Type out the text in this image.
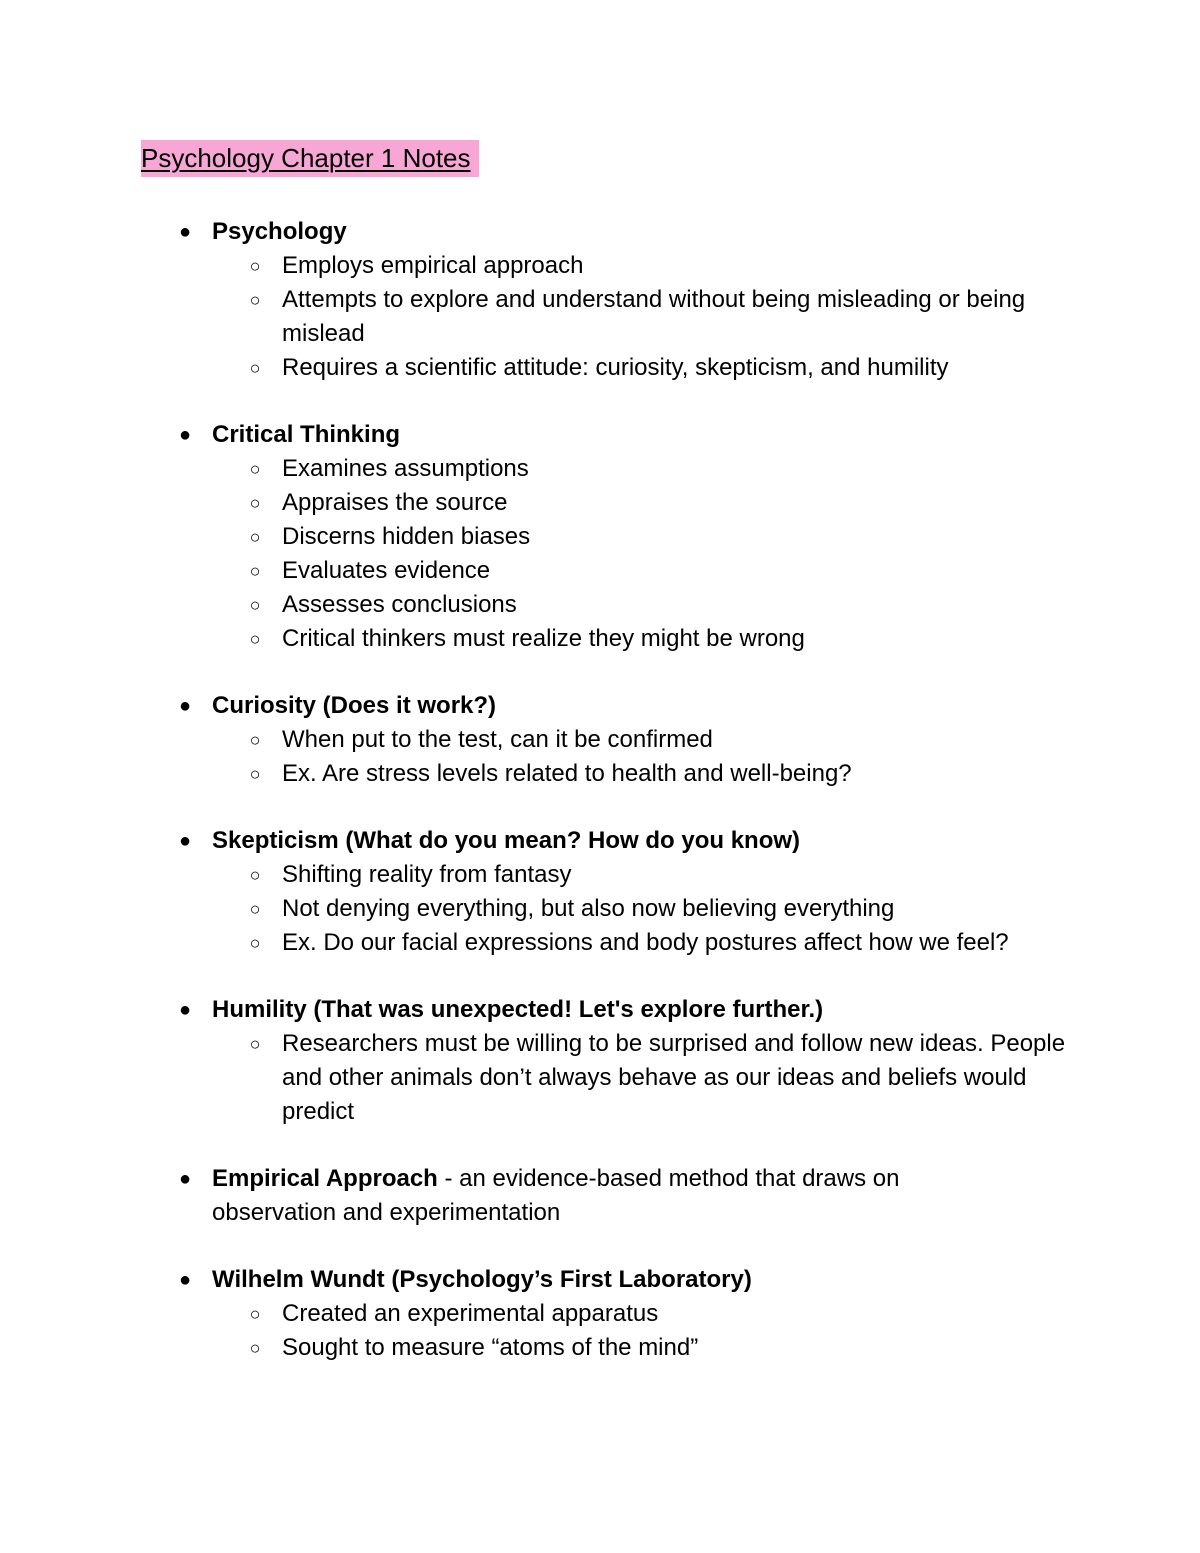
Psychology Chapter 1 Notes
● Psychology
○ Employs empirical approach
○ Attempts to explore and understand without being misleading or being mislead
○ Requires a scientific attitude: curiosity, skepticism, and humility
● Critical Thinking
○ Examines assumptions
○ Appraises the source
○ Discerns hidden biases
○ Evaluates evidence
○ Assesses conclusions
○ Critical thinkers must realize they might be wrong
● Curiosity (Does it work?)
○ When put to the test, can it be confirmed
○ Ex. Are stress levels related to health and well-being?
● Skepticism (What do you mean? How do you know)
○ Shifting reality from fantasy
○ Not denying everything, but also now believing everything
○ Ex. Do our facial expressions and body postures affect how we feel?
● Humility (That was unexpected! Let's explore further.)
○ Researchers must be willing to be surprised and follow new ideas. People and other animals don’t always behave as our ideas and beliefs would predict
● Empirical Approach - an evidence-based method that draws on observation and experimentation
● Wilhelm Wundt (Psychology’s First Laboratory)
○ Created an experimental apparatus
○ Sought to measure “atoms of the mind”
